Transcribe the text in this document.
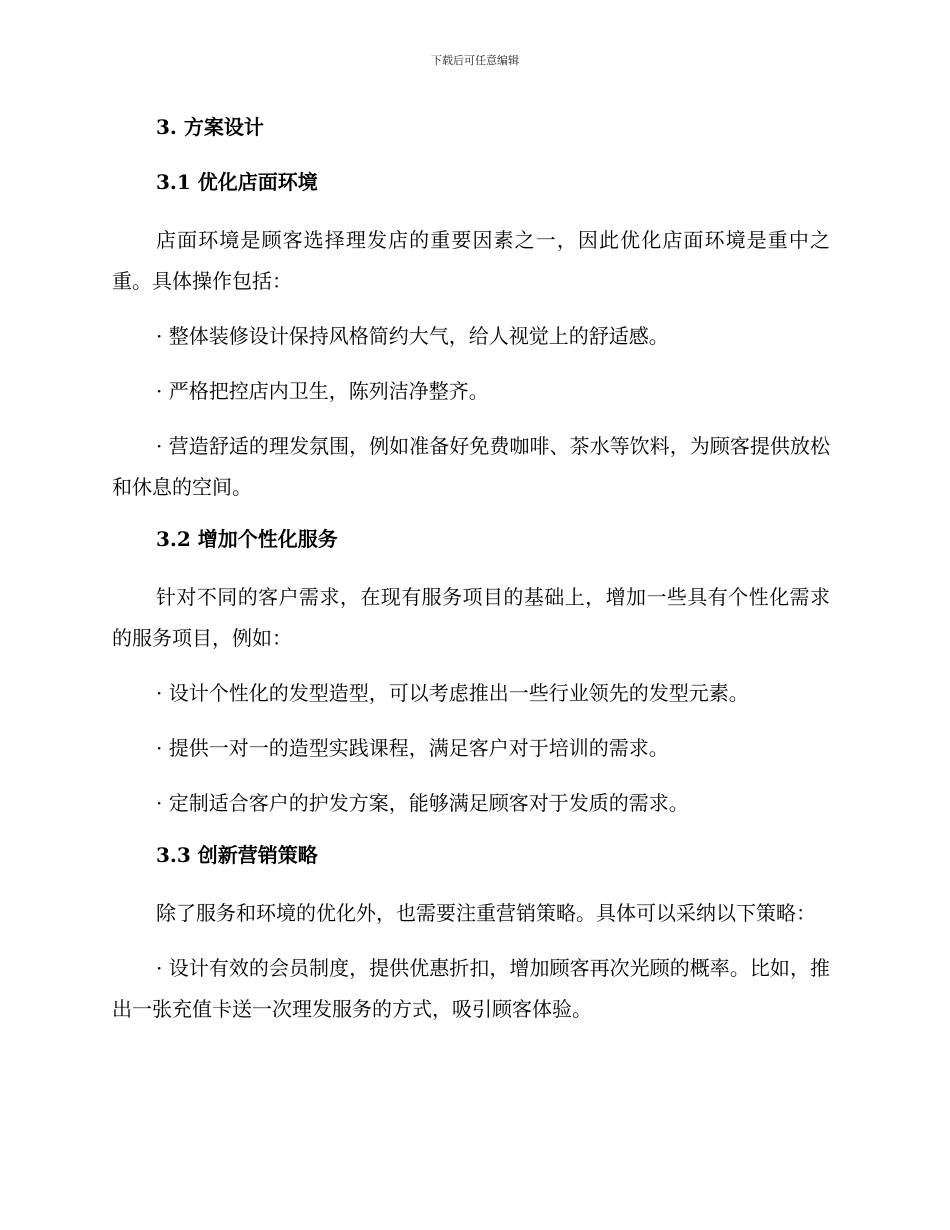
下载后可任意编辑
3. 方案设计
3.1 优化店面环境

店面环境是顾客选择理发店的重要因素之一，因此优化店面环境是重中之重。具体操作包括：

· 整体装修设计保持风格简约大气，给人视觉上的舒适感。

· 严格把控店内卫生，陈列洁净整齐。

· 营造舒适的理发氛围，例如准备好免费咖啡、茶水等饮料，为顾客提供放松和休息的空间。

3.2 增加个性化服务

针对不同的客户需求，在现有服务项目的基础上，增加一些具有个性化需求的服务项目，例如：

· 设计个性化的发型造型，可以考虑推出一些行业领先的发型元素。

· 提供一对一的造型实践课程，满足客户对于培训的需求。

· 定制适合客户的护发方案，能够满足顾客对于发质的需求。

3.3 创新营销策略

除了服务和环境的优化外，也需要注重营销策略。具体可以采纳以下策略：

· 设计有效的会员制度，提供优惠折扣，增加顾客再次光顾的概率。比如，推出一张充值卡送一次理发服务的方式，吸引顾客体验。
